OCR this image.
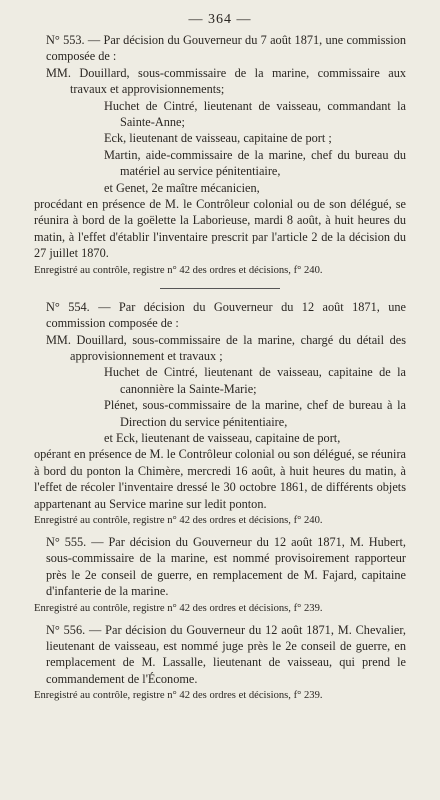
— 364 —

N° 553. — Par décision du Gouverneur du 7 août 1871, une commission composée de :

MM. Douillard, sous-commissaire de la marine, commissaire aux travaux et approvisionnements;

Huchet de Cintré, lieutenant de vaisseau, commandant la Sainte-Anne;

Eck, lieutenant de vaisseau, capitaine de port ;

Martin, aide-commissaire de la marine, chef du bureau du matériel au service pénitentiaire,

et Genet, 2e maître mécanicien,

procédant en présence de M. le Contrôleur colonial ou de son délégué, se réunira à bord de la goëlette la Laborieuse, mardi 8 août, à huit heures du matin, à l'effet d'établir l'inventaire prescrit par l'article 2 de la décision du 27 juillet 1870.

Enregistré au contrôle, registre n° 42 des ordres et décisions, f° 240.

N° 554. — Par décision du Gouverneur du 12 août 1871, une commission composée de :

MM. Douillard, sous-commissaire de la marine, chargé du détail des approvisionnement et travaux ;

Huchet de Cintré, lieutenant de vaisseau, capitaine de la canonnière la Sainte-Marie;

Plénet, sous-commissaire de la marine, chef de bureau à la Direction du service pénitentiaire,

et Eck, lieutenant de vaisseau, capitaine de port,

opérant en présence de M. le Contrôleur colonial ou son délégué, se réunira à bord du ponton la Chimère, mercredi 16 août, à huit heures du matin, à l'effet de récoler l'inventaire dressé le 30 octobre 1861, de différents objets appartenant au Service marine sur ledit ponton.

Enregistré au contrôle, registre n° 42 des ordres et décisions, f° 240.

N° 555. — Par décision du Gouverneur du 12 août 1871, M. Hubert, sous-commissaire de la marine, est nommé provisoirement rapporteur près le 2e conseil de guerre, en remplacement de M. Fajard, capitaine d'infanterie de la marine.

Enregistré au contrôle, registre n° 42 des ordres et décisions, f° 239.

N° 556. — Par décision du Gouverneur du 12 août 1871, M. Chevalier, lieutenant de vaisseau, est nommé juge près le 2e conseil de guerre, en remplacement de M. Lassalle, lieutenant de vaisseau, qui prend le commandement de l'Économe.

Enregistré au contrôle, registre n° 42 des ordres et décisions, f° 239.
